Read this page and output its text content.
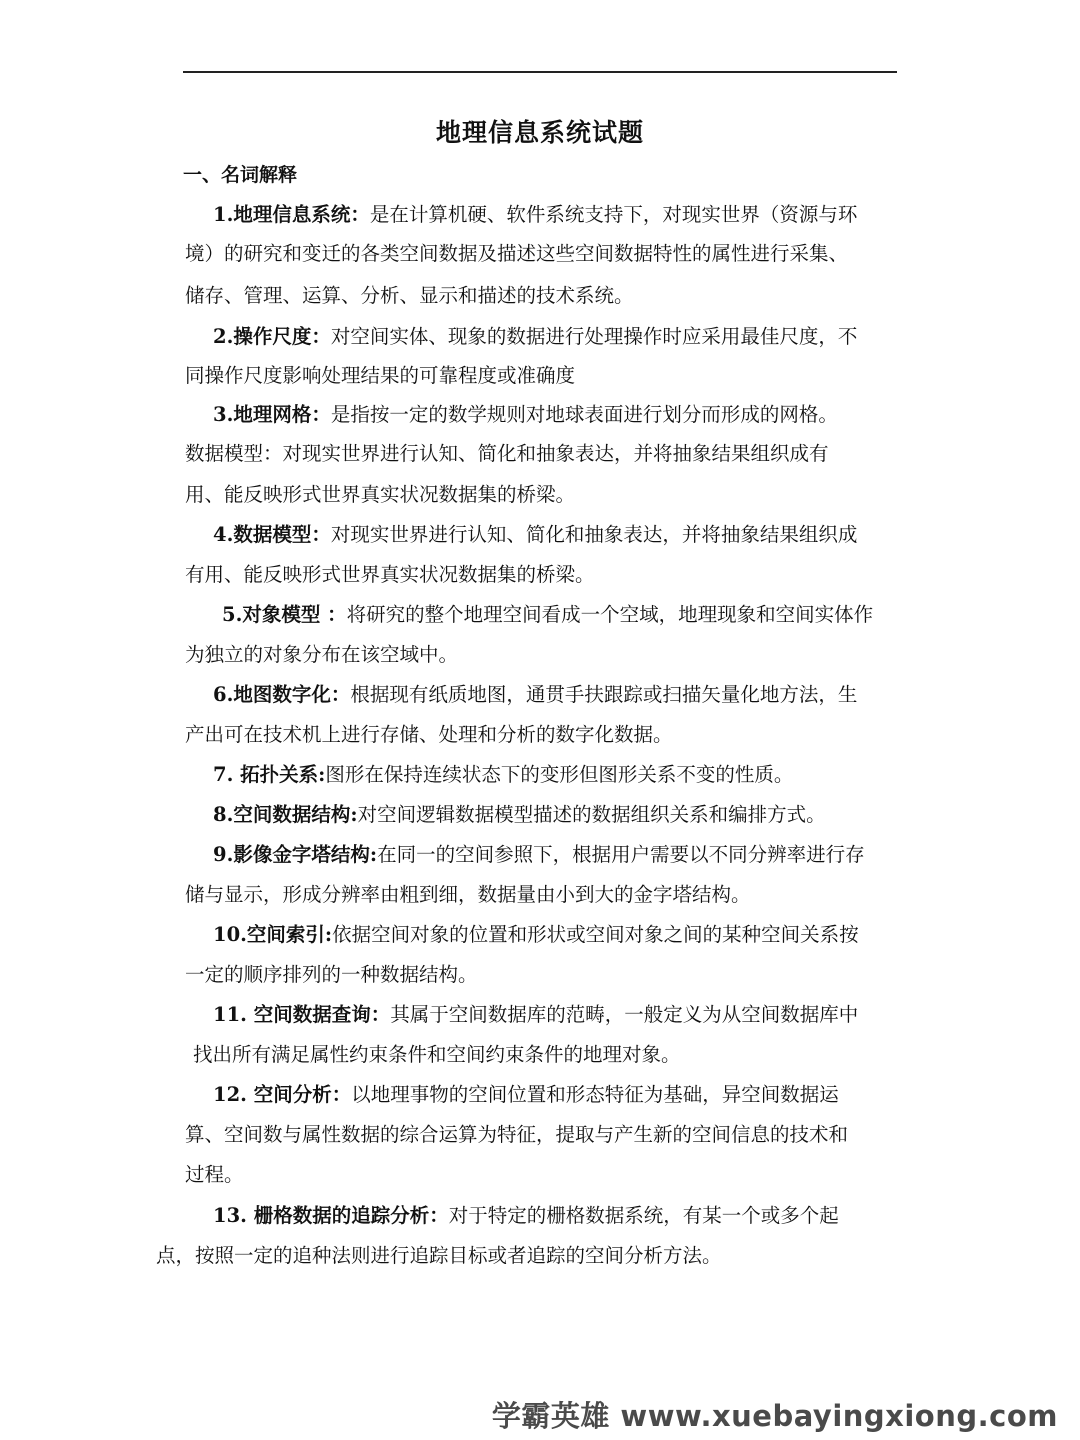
地理信息系统试题
一、名词解释
1.地理信息系统：是在计算机硬、软件系统支持下，对现实世界（资源与环
境）的研究和变迁的各类空间数据及描述这些空间数据特性的属性进行采集、
储存、管理、运算、分析、显示和描述的技术系统。
2.操作尺度：对空间实体、现象的数据进行处理操作时应采用最佳尺度，不
同操作尺度影响处理结果的可靠程度或准确度
3.地理网格：是指按一定的数学规则对地球表面进行划分而形成的网格。
数据模型：对现实世界进行认知、简化和抽象表达，并将抽象结果组织成有
用、能反映形式世界真实状况数据集的桥梁。
4.数据模型：对现实世界进行认知、简化和抽象表达，并将抽象结果组织成
有用、能反映形式世界真实状况数据集的桥梁。
5.对象模型 ：将研究的整个地理空间看成一个空域，地理现象和空间实体作
为独立的对象分布在该空域中。
6.地图数字化：根据现有纸质地图，通贯手扶跟踪或扫描矢量化地方法，生
产出可在技术机上进行存储、处理和分析的数字化数据。
7. 拓扑关系:图形在保持连续状态下的变形但图形关系不变的性质。
8.空间数据结构:对空间逻辑数据模型描述的数据组织关系和编排方式。
9.影像金字塔结构:在同一的空间参照下，根据用户需要以不同分辨率进行存
储与显示，形成分辨率由粗到细，数据量由小到大的金字塔结构。
10.空间索引:依据空间对象的位置和形状或空间对象之间的某种空间关系按
一定的顺序排列的一种数据结构。
11. 空间数据查询：其属于空间数据库的范畴，一般定义为从空间数据库中
找出所有满足属性约束条件和空间约束条件的地理对象。
12. 空间分析：以地理事物的空间位置和形态特征为基础，异空间数据运
算、空间数与属性数据的综合运算为特征，提取与产生新的空间信息的技术和
过程。
13. 栅格数据的追踪分析：对于特定的栅格数据系统，有某一个或多个起
点，按照一定的追种法则进行追踪目标或者追踪的空间分析方法。
学霸英雄 www.xuebayingxiong.com
